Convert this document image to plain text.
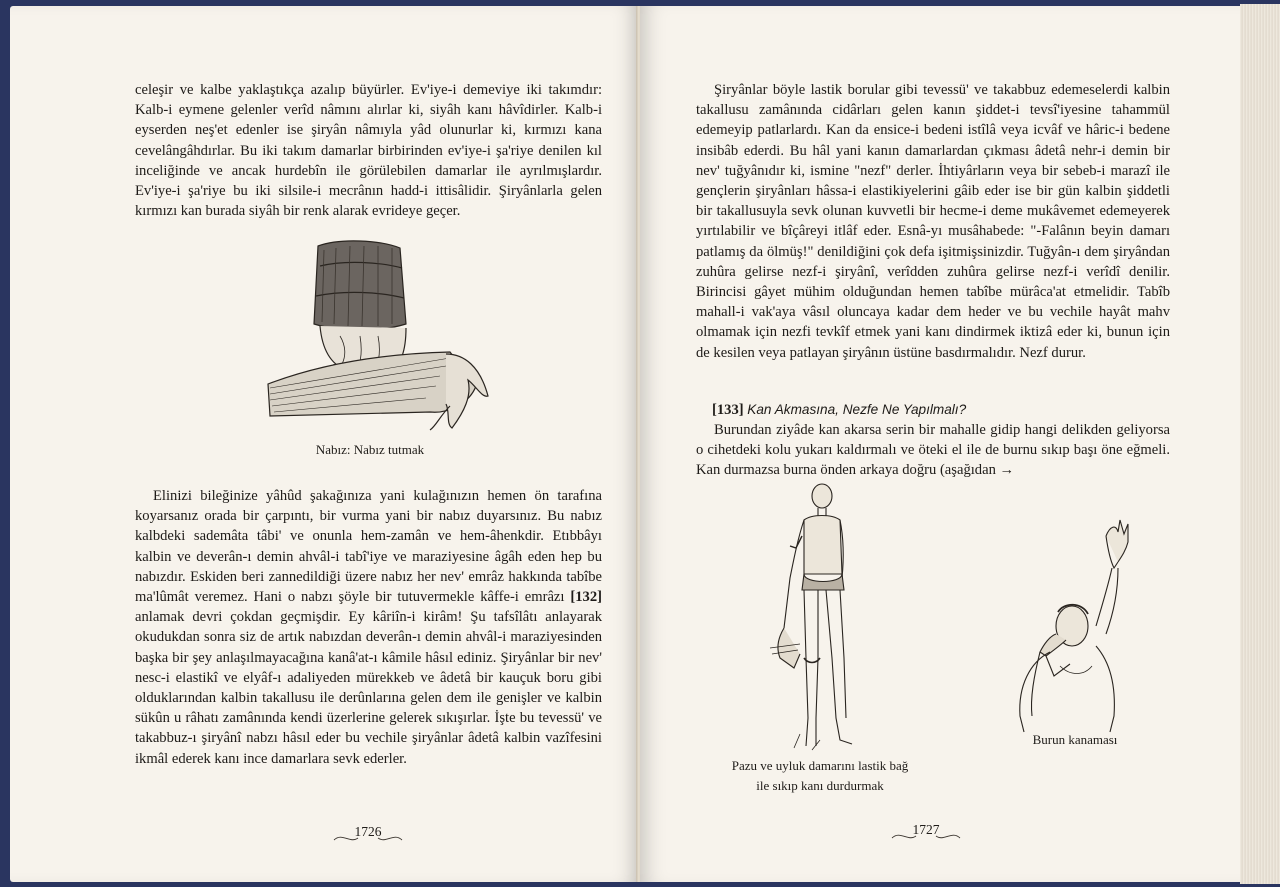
celeşir ve kalbe yaklaştıkça azalıp büyürler. Ev'iye-i demeviye iki takımdır: Kalb-i eymene gelenler verîd nâmını alırlar ki, siyâh kanı hâvîdirler. Kalb-i eyserden neş'et edenler ise şiryân nâmıyla yâd olunurlar ki, kırmızı kana cevelângâhdırlar. Bu iki takım damarlar birbirinden ev'iye-i şa'riye denilen kıl inceliğinde ve ancak hurdebîn ile görülebilen damarlar ile ayrılmışlardır. Ev'iye-i şa'riye bu iki silsile-i mecrânın hadd-i ittisâlidir. Şiryânlarla gelen kırmızı kan burada siyâh bir renk alarak evrideye geçer.

Nabız: Nabız tutmak

Elinizi bileğinize yâhûd şakağınıza yani kulağınızın hemen ön tarafına koyarsanız orada bir çarpıntı, bir vurma yani bir nabız duyarsınız. Bu nabız kalbdeki sademâta tâbi' ve onunla hem-zamân ve hem-âhenkdir. Etıbbâyı kalbin ve deverân-ı demin ahvâl-i tabî'iye ve maraziyesine âgâh eden hep bu nabızdır. Eskiden beri zannedildiği üzere nabız her nev' emrâz hakkında tabîbe ma'lûmât veremez. Hani o nabzı şöyle bir tutuvermekle kâffe-i emrâzı [132] anlamak devri çokdan geçmişdir. Ey kâriîn-i kirâm! Şu tafsîlâtı anlayarak okudukdan sonra siz de artık nabızdan deverân-ı demin ahvâl-i maraziyesinden başka bir şey anlaşılmayacağına kanâ'at-ı kâmile hâsıl ediniz. Şiryânlar bir nev' nesc-i elastikî ve elyâf-ı adaliyeden mürekkeb ve âdetâ bir kauçuk boru gibi olduklarından kalbin takallusu ile derûnlarına gelen dem ile genişler ve kalbin sükûn u râhatı zamânında kendi üzerlerine gelerek sıkışırlar. İşte bu tevessü' ve takabbuz-ı şiryânî nabzı hâsıl eder bu vechile şiryânlar âdetâ kalbin vazîfesini ikmâl ederek kanı ince damarlara sevk ederler.

1726

Şiryânlar böyle lastik borular gibi tevessü' ve takabbuz edemeselerdi kalbin takallusu zamânında cidârları gelen kanın şiddet-i tevsî'iyesine tahammül edemeyip patlarlardı. Kan da ensice-i bedeni istîlâ veya icvâf ve hâric-i bedene insibâb ederdi. Bu hâl yani kanın damarlardan çıkması âdetâ nehr-i demin bir nev' tuğyânıdır ki, ismine "nezf" derler. İhtiyârların veya bir sebeb-i marazî ile gençlerin şiryânları hâssa-i elastikiyelerini gâib eder ise bir gün kalbin şiddetli bir takallusuyla sevk olunan kuvvetli bir hecme-i deme mukâvemet edemeyerek yırtılabilir ve bîçâreyi itlâf eder. Esnâ-yı musâhabede: "-Falânın beyin damarı patlamış da ölmüş!" denildiğini çok defa işitmişsinizdir. Tuğyân-ı dem şiryândan zuhûra gelirse nezf-i şiryânî, verîdden zuhûra gelirse nezf-i verîdî denilir. Birincisi gâyet mühim olduğundan hemen tabîbe mürâca'at etmelidir. Tabîb mahall-i vak'aya vâsıl oluncaya kadar dem heder ve bu vechile hayât mahv olmamak için nezfi tevkîf etmek yani kanı dindirmek iktizâ eder ki, bunun için de kesilen veya patlayan şiryânın üstüne basdırmalıdır. Nezf durur.

[133] Kan Akmasına, Nezfe Ne Yapılmalı?

Burundan ziyâde kan akarsa serin bir mahalle gidip hangi delikden geliyorsa o cihetdeki kolu yukarı kaldırmalı ve öteki el ile de burnu sıkıp başı öne eğmeli. Kan durmazsa burna önden arkaya doğru (aşağıdan →

Pazu ve uyluk damarını lastik bağ
ile sıkıp kanı durdurmak
Burun kanaması
1727
